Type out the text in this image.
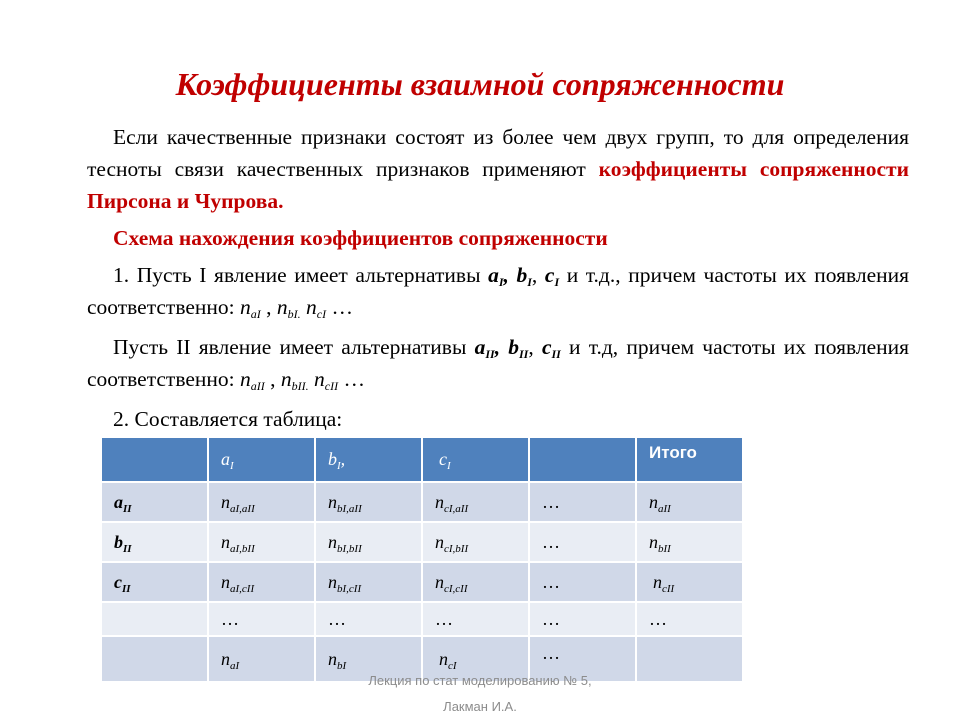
Коэффициенты взаимной сопряженности
Если качественные признаки состоят из более чем двух групп, то для определения тесноты связи качественных признаков применяют коэффициенты сопряженности Пирсона и Чупрова.
Схема нахождения коэффициентов сопряженности
1. Пусть I явление имеет альтернативы $a_I$, $b_I$, $c_I$ и т.д., причем частоты их появления соответственно: $n_{aI}$ , $n_{bI.}$ $n_{cI}$ …
Пусть II явление имеет альтернативы $a_{II}$, $b_{II}$, $c_{II}$ и т.д, причем частоты их появления соответственно: $n_{aII}$ , $n_{bII.}$ $n_{cII}$ …
2. Составляется таблица:
	$a_I$	$b_I$,	$c_I$		Итого
$a_{II}$	$n_{aI,aII}$	$n_{bI,aII}$	$n_{cI,aII}$	…	$n_{aII}$
$b_{II}$	$n_{aI,bII}$	$n_{bI,bII}$	$n_{cI,bII}$	…	$n_{bII}$
$c_{II}$	$n_{aI,cII}$	$n_{bI,cII}$	$n_{cI,cII}$	…	$n_{cII}$
	…	…	…	…	…
	$n_{aI}$	$n_{bI}$	$n_{cI}$	…	
Лекция по стат моделированию № 5,
Лакман И.А.
